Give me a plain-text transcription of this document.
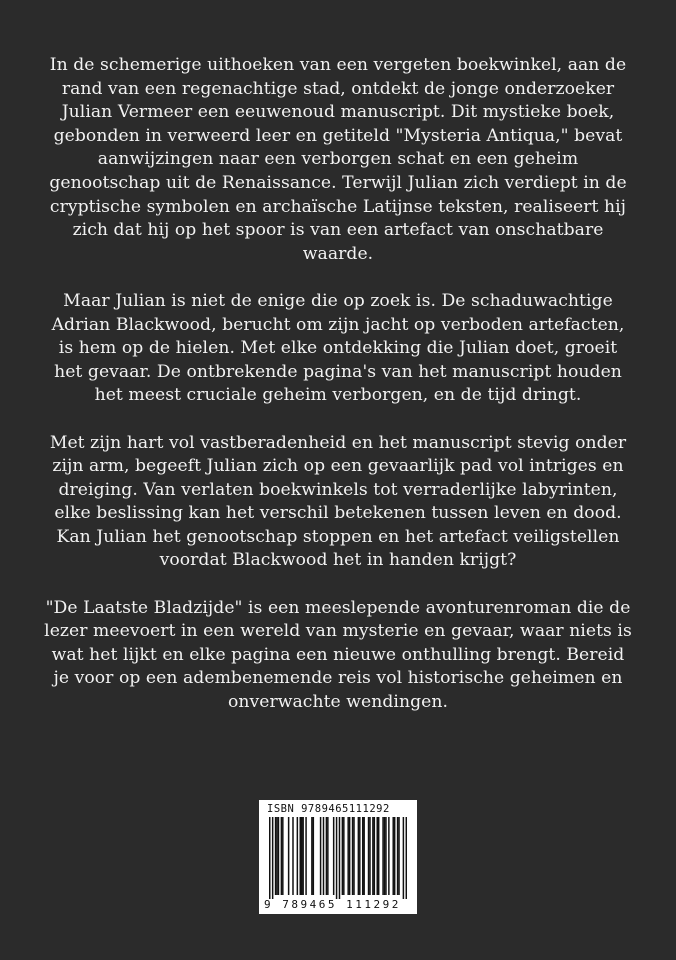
In de schemerige uithoeken van een vergeten boekwinkel, aan de rand van een regenachtige stad, ontdekt de jonge onderzoeker Julian Vermeer een eeuwenoud manuscript. Dit mystieke boek, gebonden in verweerd leer en getiteld "Mysteria Antiqua," bevat aanwijzingen naar een verborgen schat en een geheim genootschap uit de Renaissance. Terwijl Julian zich verdiept in de cryptische symbolen en archaïsche Latijnse teksten, realiseert hij zich dat hij op het spoor is van een artefact van onschatbare waarde.

Maar Julian is niet de enige die op zoek is. De schaduwachtige Adrian Blackwood, berucht om zijn jacht op verboden artefacten, is hem op de hielen. Met elke ontdekking die Julian doet, groeit het gevaar. De ontbrekende pagina's van het manuscript houden het meest cruciale geheim verborgen, en de tijd dringt.

Met zijn hart vol vastberadenheid en het manuscript stevig onder zijn arm, begeeft Julian zich op een gevaarlijk pad vol intriges en dreiging. Van verlaten boekwinkels tot verraderlijke labyrinten, elke beslissing kan het verschil betekenen tussen leven en dood. Kan Julian het genootschap stoppen en het artefact veiligstellen voordat Blackwood het in handen krijgt?

"De Laatste Bladzijde" is een meeslepende avonturenroman die de lezer meevoert in een wereld van mysterie en gevaar, waar niets is wat het lijkt en elke pagina een nieuwe onthulling brengt. Bereid je voor op een adembenemende reis vol historische geheimen en onverwachte wendingen.

ISBN 9789465111292
9 789465 111292
